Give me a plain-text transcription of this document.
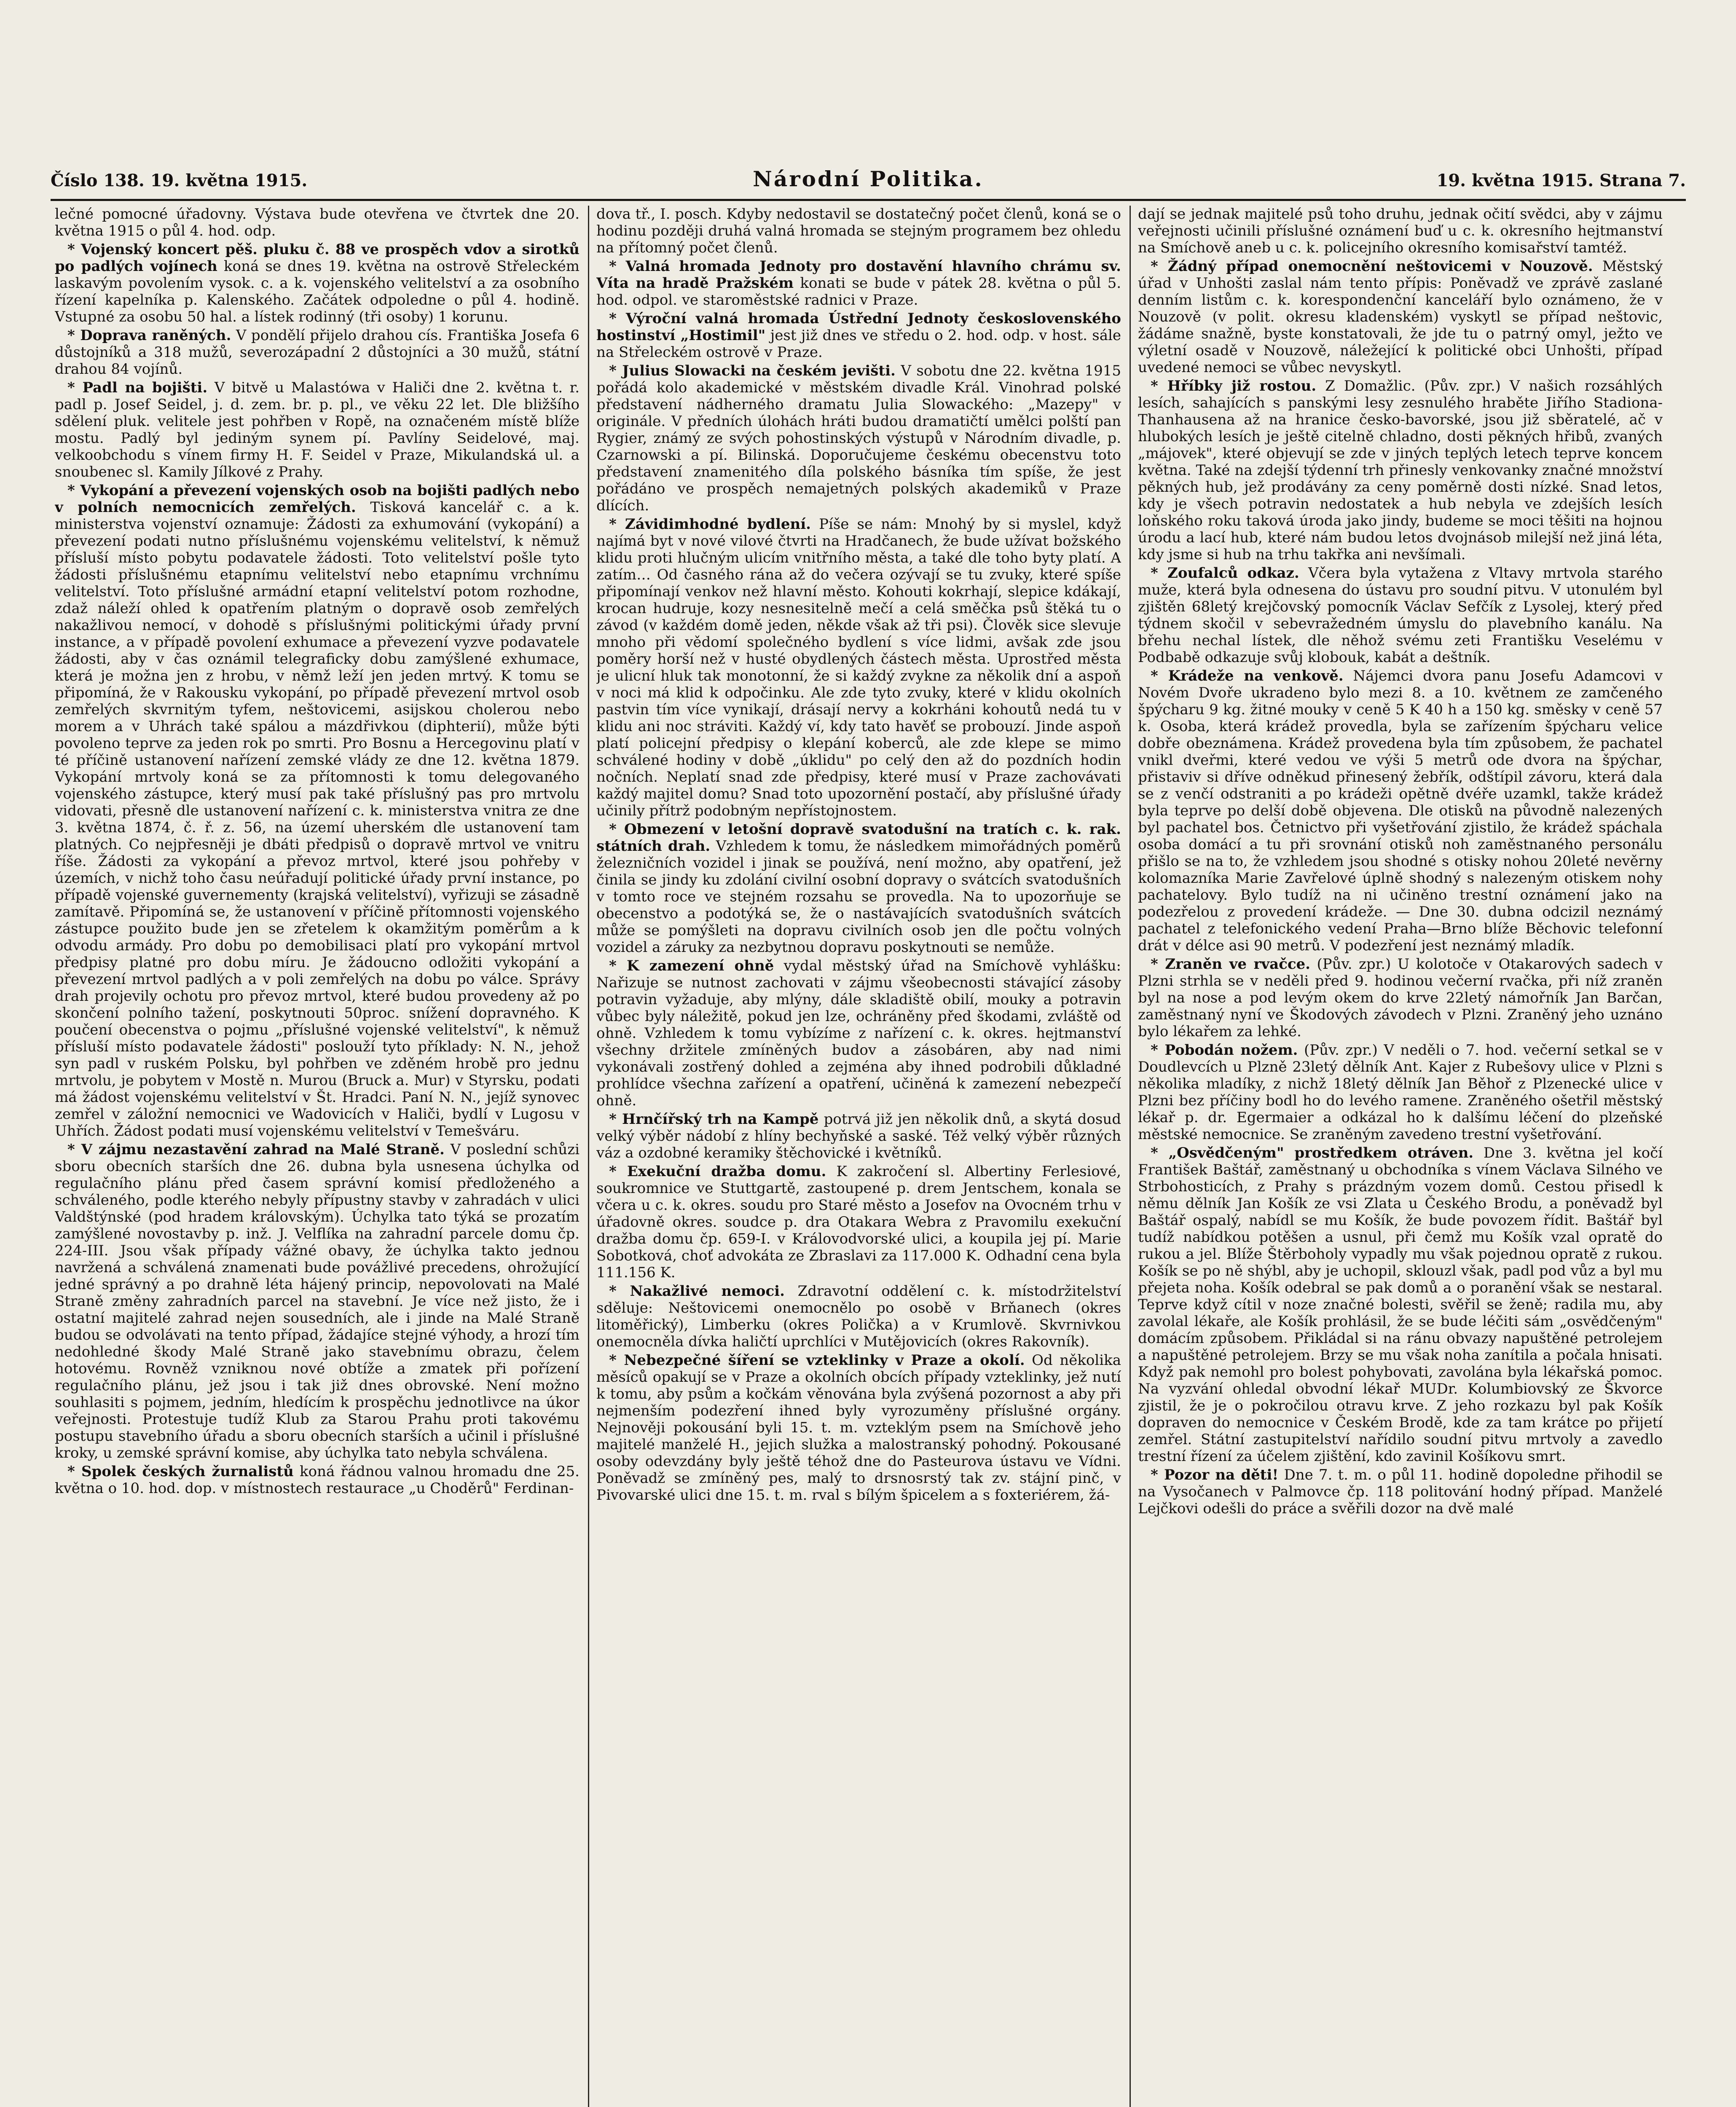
Číslo 138. 19. května 1915.	Národní Politika.	19. května 1915. Strana 7.

lečné pomocné úřadovny. Výstava bude otevřena ve čtvrtek dne 20. května 1915 o půl 4. hod. odp.

* Vojenský koncert pěš. pluku č. 88 ve prospěch vdov a sirotků po padlých vojínech koná se dnes 19. května na ostrově Střeleckém laskavým povolením vysok. c. a k. vojenského velitelství a za osobního řízení kapelníka p. Kalenského. Začátek odpoledne o půl 4. hodině. Vstupné za osobu 50 hal. a lístek rodinný (tři osoby) 1 korunu.

* Doprava raněných. V pondělí přijelo drahou cís. Františka Josefa 6 důstojníků a 318 mužů, severozápadní 2 důstojníci a 30 mužů, státní drahou 84 vojínů.

* Padl na bojišti. V bitvě u Malastówa v Haliči dne 2. května t. r. padl p. Josef Seidel, j. d. zem. br. p. pl., ve věku 22 let. Dle bližšího sdělení pluk. velitele jest pohřben v Ropě, na označeném místě blíže mostu. Padlý byl jediným synem pí. Pavlíny Seidelové, maj. velkoobchodu s vínem firmy H. F. Seidel v Praze, Mikulandská ul. a snoubenec sl. Kamily Jílkové z Prahy.

* Vykopání a převezení vojenských osob na bojišti padlých nebo v polních nemocnicích zemřelých. Tisková kancelář c. a k. ministerstva vojenství oznamuje: Žádosti za exhumování (vykopání) a převezení podati nutno příslušnému vojenskému velitelství, k němuž přísluší místo pobytu podavatele žádosti. Toto velitelství pošle tyto žádosti příslušnému etapnímu velitelství nebo etapnímu vrchnímu velitelství. Toto příslušné armádní etapní velitelství potom rozhodne, zdaž náleží ohled k opatřením platným o dopravě osob zemřelých nakažlivou nemocí, v dohodě s příslušnými politickými úřady první instance, a v případě povolení exhumace a převezení vyzve podavatele žádosti, aby v čas oznámil telegraficky dobu zamýšlené exhumace, která je možna jen z hrobu, v němž leží jen jeden mrtvý. K tomu se připomíná, že v Rakousku vykopání, po případě převezení mrtvol osob zemřelých skvrnitým tyfem, neštovicemi, asijskou cholerou nebo morem a v Uhrách také spálou a mázdřivkou (diphterií), může býti povoleno teprve za jeden rok po smrti. Pro Bosnu a Hercegovinu platí v té příčině ustanovení nařízení zemské vlády ze dne 12. května 1879. Vykopání mrtvoly koná se za přítomnosti k tomu delegovaného vojenského zástupce, který musí pak také příslušný pas pro mrtvolu vidovati, přesně dle ustanovení nařízení c. k. ministerstva vnitra ze dne 3. května 1874, č. ř. z. 56, na území uherském dle ustanovení tam platných. Co nejpřesněji je dbáti předpisů o dopravě mrtvol ve vnitru říše. Žádosti za vykopání a převoz mrtvol, které jsou pohřeby v územích, v nichž toho času neúřadují politické úřady první instance, po případě vojenské guvernementy (krajská velitelství), vyřizuji se zásadně zamítavě. Připomíná se, že ustanovení v příčině přítomnosti vojenského zástupce použito bude jen se zřetelem k okamžitým poměrům a k odvodu armády. Pro dobu po demobilisaci platí pro vykopání mrtvol předpisy platné pro dobu míru. Je žádoucno odložiti vykopání a převezení mrtvol padlých a v poli zemřelých na dobu po válce. Správy drah projevily ochotu pro převoz mrtvol, které budou provedeny až po skončení polního tažení, poskytnouti 50proc. snížení dopravného. K poučení obecenstva o pojmu „příslušné vojenské velitelství", k němuž přísluší místo podavatele žádosti" poslouží tyto příklady: N. N., jehož syn padl v ruském Polsku, byl pohřben ve zděném hrobě pro jednu mrtvolu, je pobytem v Mostě n. Murou (Bruck a. Mur) v Styrsku, podati má žádost vojenskému velitelství v Št. Hradci. Paní N. N., jejíž synovec zemřel v záložní nemocnici ve Wadovicích v Haliči, bydlí v Lugosu v Uhřích. Žádost podati musí vojenskému velitelství v Temešváru.

* V zájmu nezastavění zahrad na Malé Straně. V poslední schůzi sboru obecních starších dne 26. dubna byla usnesena úchylka od regulačního plánu před časem správní komisí předloženého a schváleného, podle kterého nebyly přípustny stavby v zahradách v ulici Valdštýnské (pod hradem královským). Úchylka tato týká se prozatím zamýšlené novostavby p. inž. J. Velflíka na zahradní parcele domu čp. 224-III. Jsou však případy vážné obavy, že úchylka takto jednou navržená a schválená znamenati bude povážlivé precedens, ohrožující jedné správný a po drahně léta hájený princip, nepovolovati na Malé Straně změny zahradních parcel na stavební. Je více než jisto, že i ostatní majitelé zahrad nejen sousedních, ale i jinde na Malé Straně budou se odvolávati na tento případ, žádajíce stejné výhody, a hrozí tím nedohledné škody Malé Straně jako stavebnímu obrazu, čelem hotovému. Rovněž vzniknou nové obtíže a zmatek při pořízení regulačního plánu, jež jsou i tak již dnes obrovské. Není možno souhlasiti s pojmem, jedním, hledícím k prospěchu jednotlivce na úkor veřejnosti. Protestuje tudíž Klub za Starou Prahu proti takovému postupu stavebního úřadu a sboru obecních starších a učinil i příslušné kroky, u zemské správní komise, aby úchylka tato nebyla schválena.

* Spolek českých žurnalistů koná řádnou valnou hromadu dne 25. května o 10. hod. dop. v místnostech restaurace „u Choděrů" Ferdinan-

dova tř., I. posch. Kdyby nedostavil se dostatečný počet členů, koná se o hodinu později druhá valná hromada se stejným programem bez ohledu na přítomný počet členů.

* Valná hromada Jednoty pro dostavění hlavního chrámu sv. Víta na hradě Pražském konati se bude v pátek 28. května o půl 5. hod. odpol. ve staroměstské radnici v Praze.

* Výroční valná hromada Ústřední Jednoty československého hostinství „Hostimil" jest již dnes ve středu o 2. hod. odp. v host. sále na Střeleckém ostrově v Praze.

* Julius Slowacki na českém jevišti. V sobotu dne 22. května 1915 pořádá kolo akademické v městském divadle Král. Vinohrad polské představení nádherného dramatu Julia Slowackého: „Mazepy" v originále. V předních úlohách hráti budou dramatičtí umělci polští pan Rygier, známý ze svých pohostinských výstupů v Národním divadle, p. Czarnowski a pí. Bilinská. Doporučujeme českému obecenstvu toto představení znamenitého díla polského básníka tím spíše, že jest pořádáno ve prospěch nemajetných polských akademiků v Praze dlících.

* Závidimhodné bydlení. Píše se nám: Mnohý by si myslel, když najímá byt v nové vilové čtvrti na Hradčanech, že bude užívat božského klidu proti hlučným ulicím vnitřního města, a také dle toho byty platí. A zatím… Od časného rána až do večera ozývají se tu zvuky, které spíše připomínají venkov než hlavní město. Kohouti kokrhají, slepice kdákají, krocan hudruje, kozy nesnesitelně mečí a celá směčka psů štěká tu o závod (v každém domě jeden, někde však až tři psi). Člověk sice slevuje mnoho při vědomí společného bydlení s více lidmi, avšak zde jsou poměry horší než v husté obydlených částech města. Uprostřed města je ulicní hluk tak monotonní, že si každý zvykne za několik dní a aspoň v noci má klid k odpočinku. Ale zde tyto zvuky, které v klidu okolních pastvin tím více vynikají, drásají nervy a kokrháni kohoutů nedá tu v klidu ani noc stráviti. Každý ví, kdy tato havěť se probouzí. Jinde aspoň platí policejní předpisy o klepání koberců, ale zde klepe se mimo schválené hodiny v době „úklidu" po celý den až do pozdních hodin nočních. Neplatí snad zde předpisy, které musí v Praze zachovávati každý majitel domu? Snad toto upozornění postačí, aby příslušné úřady učinily přítrž podobným nepřístojnostem.

* Obmezení v letošní dopravě svatodušní na tratích c. k. rak. státních drah. Vzhledem k tomu, že následkem mimořádných poměrů železničních vozidel i jinak se používá, není možno, aby opatření, jež činila se jindy ku zdolání civilní osobní dopravy o svátcích svatodušních v tomto roce ve stejném rozsahu se provedla. Na to upozorňuje se obecenstvo a podotýká se, že o nastávajících svatodušních svátcích může se pomýšleti na dopravu civilních osob jen dle počtu volných vozidel a záruky za nezbytnou dopravu poskytnouti se nemůže.

* K zamezení ohně vydal městský úřad na Smíchově vyhlášku: Nařizuje se nutnost zachovati v zájmu všeobecnosti stávající zásoby potravin vyžaduje, aby mlýny, dále skladiště obilí, mouky a potravin vůbec byly náležitě, pokud jen lze, ochráněny před škodami, zvláště od ohně. Vzhledem k tomu vybízíme z nařízení c. k. okres. hejtmanství všechny držitele zmíněných budov a zásobáren, aby nad nimi vykonávali zostřený dohled a zejména aby ihned podrobili důkladné prohlídce všechna zařízení a opatření, učiněná k zamezení nebezpečí ohně.

* Hrnčířský trh na Kampě potrvá již jen několik dnů, a skytá dosud velký výběr nádobí z hlíny bechyňské a saské. Též velký výběr různých váz a ozdobné keramiky štěchovické i květníků.

* Exekuční dražba domu. K zakročení sl. Albertiny Ferlesiové, soukromnice ve Stuttgartě, zastoupené p. drem Jentschem, konala se včera u c. k. okres. soudu pro Staré město a Josefov na Ovocném trhu v úřadovně okres. soudce p. dra Otakara Webra z Pravomilu exekuční dražba domu čp. 659-I. v Královodvorské ulici, a koupila jej pí. Marie Sobotková, choť advokáta ze Zbraslavi za 117.000 K. Odhadní cena byla 111.156 K.

* Nakažlivé nemoci. Zdravotní oddělení c. k. místodržitelství sděluje: Neštovicemi onemocnělo po osobě v Brňanech (okres litoměřický), Limberku (okres Polička) a v Krumlově. Skvrnivkou onemocněla dívka haličtí uprchlíci v Mutějovicích (okres Rakovník).

* Nebezpečné šíření se vzteklinky v Praze a okolí. Od několika měsíců opakují se v Praze a okolních obcích případy vzteklinky, jež nutí k tomu, aby psům a kočkám věnována byla zvýšená pozornost a aby při nejmenším podezření ihned byly vyrozuměny příslušné orgány. Nejnověji pokousání byli 15. t. m. vzteklým psem na Smíchově jeho majitelé manželé H., jejich služka a malostranský pohodný. Pokousané osoby odevzdány byly ještě téhož dne do Pasteurova ústavu ve Vídni. Poněvadž se zmíněný pes, malý to drsnosrstý tak zv. stájní pinč, v Pivovarské ulici dne 15. t. m. rval s bílým špicelem a s foxteriérem, žá-

dají se jednak majitelé psů toho druhu, jednak očití svědci, aby v zájmu veřejnosti učinili příslušné oznámení buď u c. k. okresního hejtmanství na Smíchově aneb u c. k. policejního okresního komisařství tamtéž.

* Žádný případ onemocnění neštovicemi v Nouzově. Městský úřad v Unhošti zaslal nám tento přípis: Poněvadž ve zprávě zaslané denním listům c. k. korespondenční kanceláří bylo oznámeno, že v Nouzově (v polit. okresu kladenském) vyskytl se případ neštovic, žádáme snažně, byste konstatovali, že jde tu o patrný omyl, ježto ve výletní osadě v Nouzově, náležející k politické obci Unhošti, případ uvedené nemoci se vůbec nevyskytl.

* Hříbky již rostou. Z Domažlic. (Pův. zpr.) V našich rozsáhlých lesích, sahajících s panskými lesy zesnulého hraběte Jiřího Stadiona-Thanhausena až na hranice česko-bavorské, jsou již sběratelé, ač v hlubokých lesích je ještě citelně chladno, dosti pěkných hřibů, zvaných „májovek", které objevují se zde v jiných teplých letech teprve koncem května. Také na zdejší týdenní trh přinesly venkovanky značné množství pěkných hub, jež prodávány za ceny poměrně dosti nízké. Snad letos, kdy je všech potravin nedostatek a hub nebyla ve zdejších lesích loňského roku taková úroda jako jindy, budeme se moci těšiti na hojnou úrodu a lací hub, které nám budou letos dvojnásob milejší než jiná léta, kdy jsme si hub na trhu takřka ani nevšímali.

* Zoufalců odkaz. Včera byla vytažena z Vltavy mrtvola starého muže, která byla odnesena do ústavu pro soudní pitvu. V utonulém byl zjištěn 68letý krejčovský pomocník Václav Sefčík z Lysolej, který před týdnem skočil v sebevražedném úmyslu do plavebního kanálu. Na břehu nechal lístek, dle něhož svému zeti Františku Veselému v Podbabě odkazuje svůj klobouk, kabát a deštník.

* Krádeže na venkově. Nájemci dvora panu Josefu Adamcovi v Novém Dvoře ukradeno bylo mezi 8. a 10. květnem ze zamčeného špýcharu 9 kg. žitné mouky v ceně 5 K 40 h a 150 kg. směsky v ceně 57 k. Osoba, která krádež provedla, byla se zařízením špýcharu velice dobře obeznámena. Krádež provedena byla tím způsobem, že pachatel vnikl dveřmi, které vedou ve výši 5 metrů ode dvora na špýchar, přistaviv si dříve odněkud přinesený žebřík, odštípil závoru, která dala se z venčí odstraniti a po krádeži opětně dvéře uzamkl, takže krádež byla teprve po delší době objevena. Dle otisků na původně nalezených byl pachatel bos. Četnictvo při vyšetřování zjistilo, že krádež spáchala osoba domácí a tu při srovnání otisků noh zaměstnaného personálu přišlo se na to, že vzhledem jsou shodné s otisky nohou 20leté nevěrny kolomazníka Marie Zavřelové úplně shodný s nalezeným otiskem nohy pachatelovy. Bylo tudíž na ni učiněno trestní oznámení jako na podezřelou z provedení krádeže. — Dne 30. dubna odcizil neznámý pachatel z telefonického vedení Praha—Brno blíže Běchovic telefonní drát v délce asi 90 metrů. V podezření jest neznámý mladík.

* Zraněn ve rvačce. (Pův. zpr.) U kolotoče v Otakarových sadech v Plzni strhla se v neděli před 9. hodinou večerní rvačka, při níž zraněn byl na nose a pod levým okem do krve 22letý námořník Jan Barčan, zaměstnaný nyní ve Škodových závodech v Plzni. Zraněný jeho uznáno bylo lékařem za lehké.

* Pobodán nožem. (Pův. zpr.) V neděli o 7. hod. večerní setkal se v Doudlevcích u Plzně 23letý dělník Ant. Kajer z Rubešovy ulice v Plzni s několika mladíky, z nichž 18letý dělník Jan Běhoř z Plzenecké ulice v Plzni bez příčiny bodl ho do levého ramene. Zraněného ošetřil městský lékař p. dr. Egermaier a odkázal ho k dalšímu léčení do plzeňské městské nemocnice. Se zraněným zavedeno trestní vyšetřování.

* „Osvědčeným" prostředkem otráven. Dne 3. května jel kočí František Baštář, zaměstnaný u obchodníka s vínem Václava Silného ve Strbohosticích, z Prahy s prázdným vozem domů. Cestou přisedl k němu dělník Jan Košík ze vsi Zlata u Českého Brodu, a poněvadž byl Baštář ospalý, nabídl se mu Košík, že bude povozem řídit. Baštář byl tudíž nabídkou potěšen a usnul, při čemž mu Košík vzal opratě do rukou a jel. Blíže Štěrboholy vypadly mu však pojednou opratě z rukou. Košík se po ně shýbl, aby je uchopil, sklouzl však, padl pod vůz a byl mu přejeta noha. Košík odebral se pak domů a o poranění však se nestaral. Teprve když cítil v noze značné bolesti, svěřil se ženě; radila mu, aby zavolal lékaře, ale Košík prohlásil, že se bude léčiti sám „osvědčeným" domácím způsobem. Přikládal si na ránu obvazy napuštěné petrolejem a napuštěné petrolejem. Brzy se mu však noha zanítila a počala hnisati. Když pak nemohl pro bolest pohybovati, zavolána byla lékařská pomoc. Na vyzvání ohledal obvodní lékař MUDr. Kolumbiovský ze Škvorce zjistil, že je o pokročilou otravu krve. Z jeho rozkazu byl pak Košík dopraven do nemocnice v Českém Brodě, kde za tam krátce po přijetí zemřel. Státní zastupitelství nařídilo soudní pitvu mrtvoly a zavedlo trestní řízení za účelem zjištění, kdo zavinil Košíkovu smrt.

* Pozor na děti! Dne 7. t. m. o půl 11. hodině dopoledne přihodil se na Vysočanech v Palmovce čp. 118 politování hodný případ. Manželé Lejčkovi odešli do práce a svěřili dozor na dvě malé
